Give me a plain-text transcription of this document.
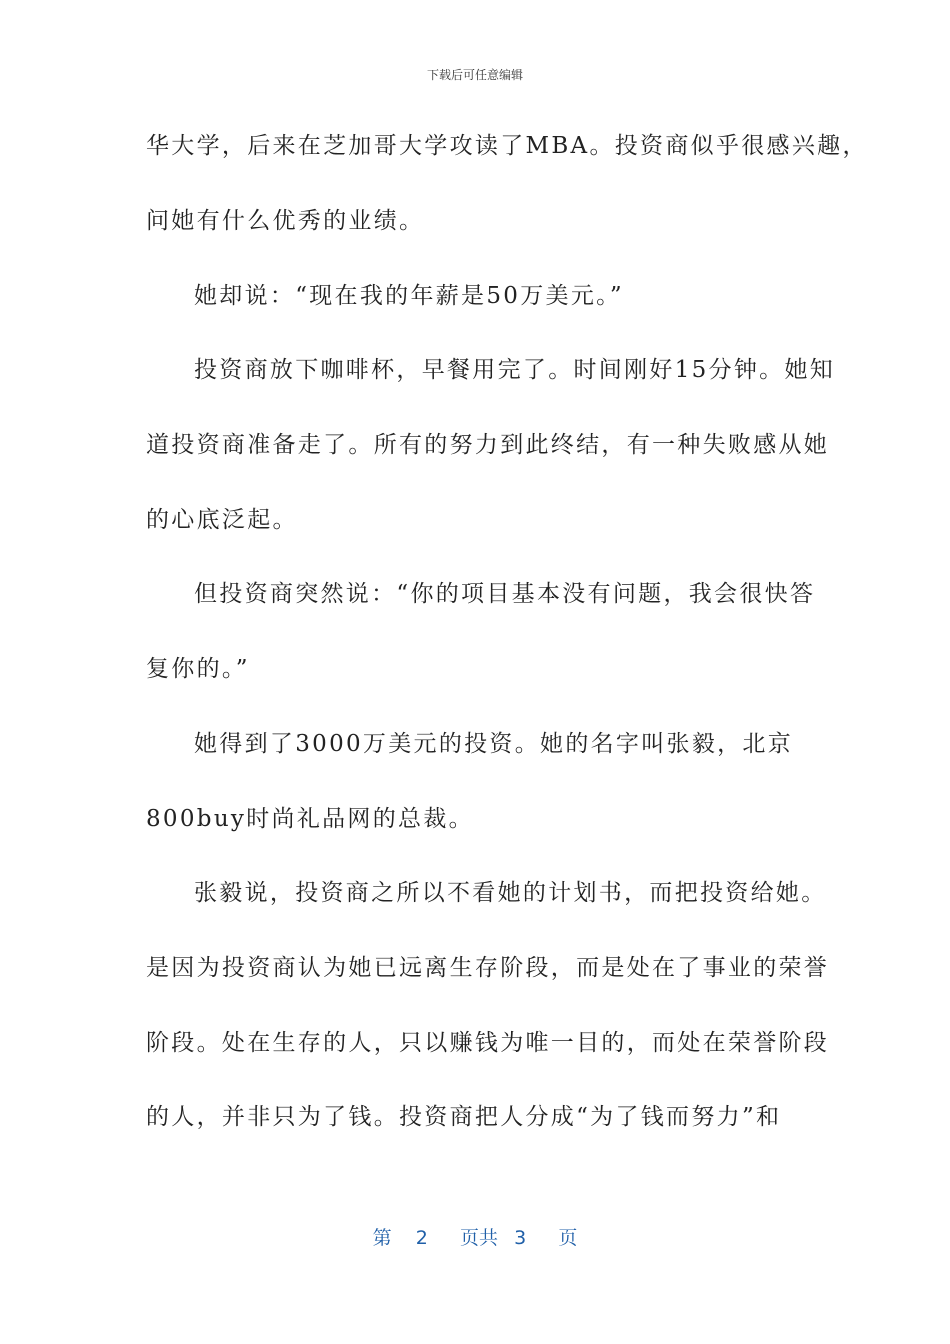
下载后可任意编辑
华大学，后来在芝加哥大学攻读了MBA。投资商似乎很感兴趣，
问她有什么优秀的业绩。
她却说：“现在我的年薪是50万美元。”
投资商放下咖啡杯，早餐用完了。时间刚好15分钟。她知
道投资商准备走了。所有的努力到此终结，有一种失败感从她
的心底泛起。
但投资商突然说：“你的项目基本没有问题，我会很快答
复你的。”
她得到了3000万美元的投资。她的名字叫张毅，北京
800buy时尚礼品网的总裁。
张毅说，投资商之所以不看她的计划书，而把投资给她。
是因为投资商认为她已远离生存阶段，而是处在了事业的荣誉
阶段。处在生存的人，只以赚钱为唯一目的，而处在荣誉阶段
的人，并非只为了钱。投资商把人分成“为了钱而努力”和
第 2 页共 3 页
